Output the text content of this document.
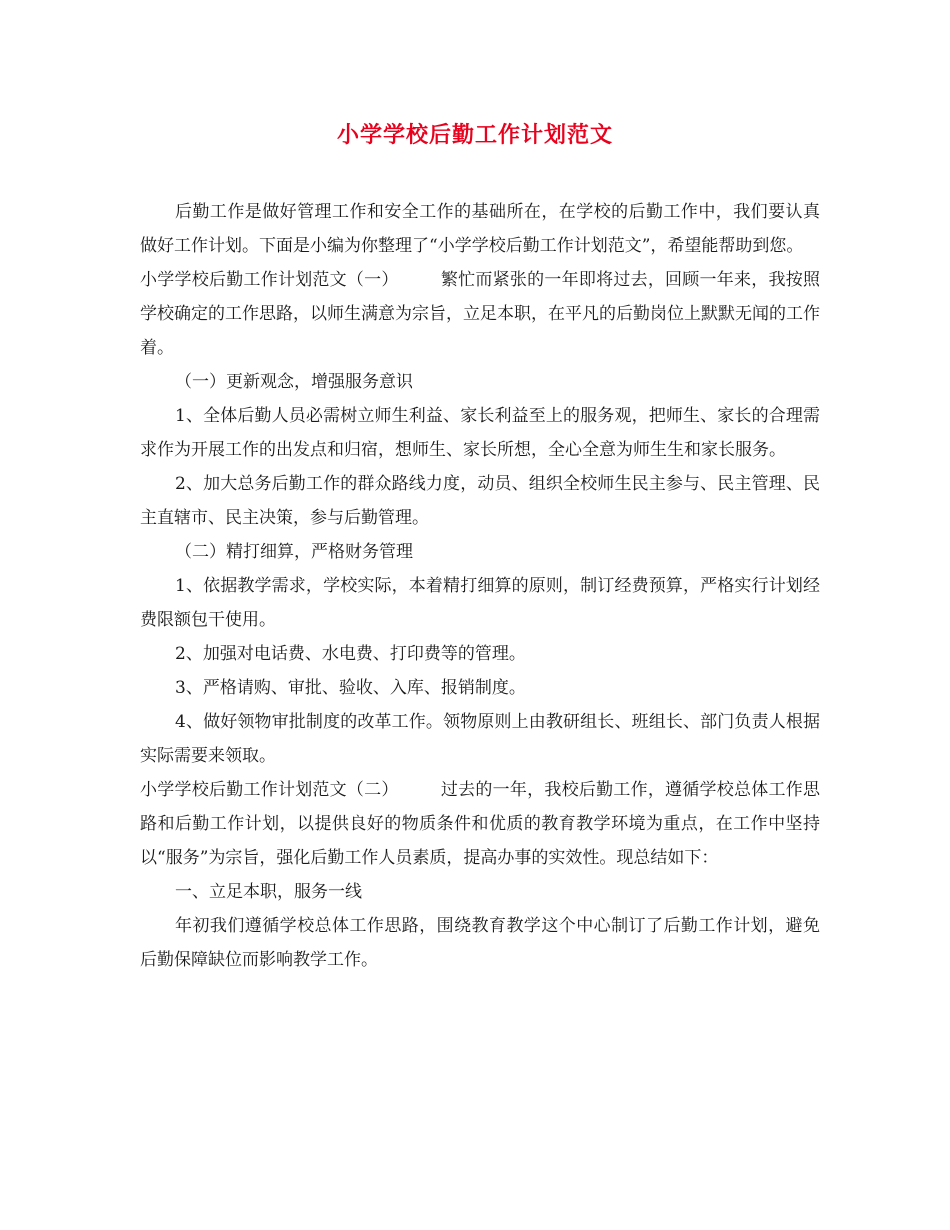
小学学校后勤工作计划范文

后勤工作是做好管理工作和安全工作的基础所在，在学校的后勤工作中，我们要认真做好工作计划。下面是小编为你整理了“小学学校后勤工作计划范文”，希望能帮助到您。

小学学校后勤工作计划范文（一） 繁忙而紧张的一年即将过去，回顾一年来，我按照学校确定的工作思路，以师生满意为宗旨，立足本职，在平凡的后勤岗位上默默无闻的工作着。

（一）更新观念，增强服务意识

1、全体后勤人员必需树立师生利益、家长利益至上的服务观，把师生、家长的合理需求作为开展工作的出发点和归宿，想师生、家长所想，全心全意为师生生和家长服务。

2、加大总务后勤工作的群众路线力度，动员、组织全校师生民主参与、民主管理、民主直辖市、民主决策，参与后勤管理。

（二）精打细算，严格财务管理

1、依据教学需求，学校实际，本着精打细算的原则，制订经费预算，严格实行计划经费限额包干使用。

2、加强对电话费、水电费、打印费等的管理。

3、严格请购、审批、验收、入库、报销制度。

4、做好领物审批制度的改革工作。领物原则上由教研组长、班组长、部门负责人根据实际需要来领取。

小学学校后勤工作计划范文（二） 过去的一年，我校后勤工作，遵循学校总体工作思路和后勤工作计划，以提供良好的物质条件和优质的教育教学环境为重点，在工作中坚持以“服务”为宗旨，强化后勤工作人员素质，提高办事的实效性。现总结如下：

一、立足本职，服务一线

年初我们遵循学校总体工作思路，围绕教育教学这个中心制订了后勤工作计划，避免后勤保障缺位而影响教学工作。
